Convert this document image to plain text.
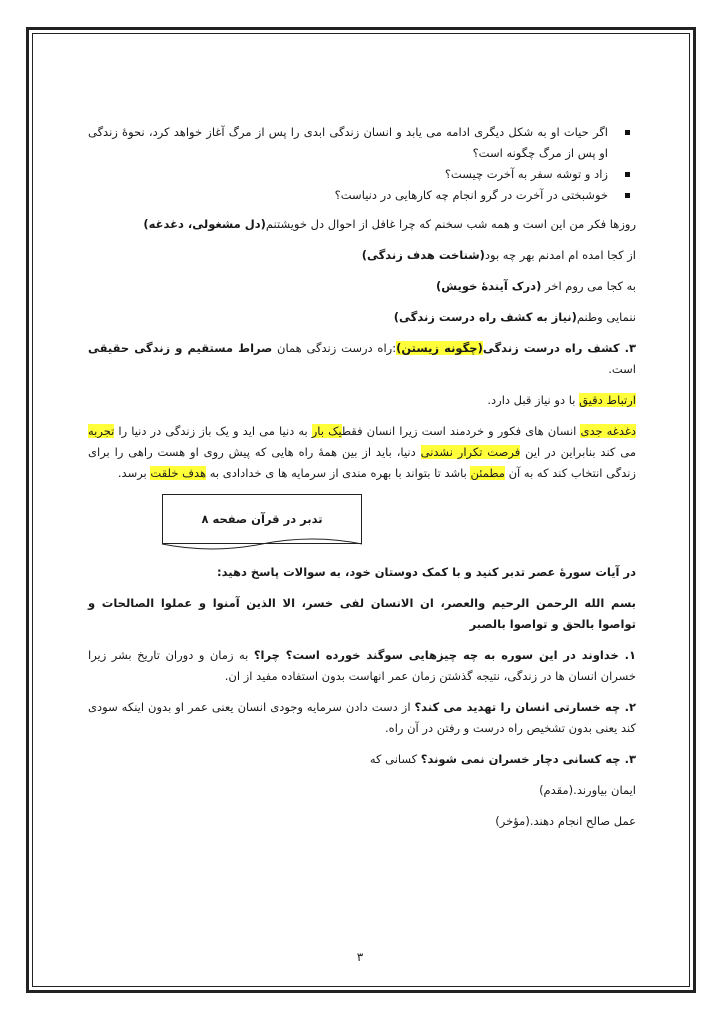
اگر حیات او به شکل دیگری ادامه می یابد و انسان زندگی ابدی را پس از مرگ آغاز خواهد کرد، نحوهٔ زندگی او پس از مرگ چگونه است؟
زاد و توشه سفر به آخرت چیست؟
خوشبختی در آخرت در گرو انجام چه کارهایی در دنیاست؟

روزها فکر من این است و همه شب سخنم که چرا غافل از احوال دل خویشتنم(دل مشغولی، دغدغه)

از کجا امده ام امدنم بهر چه بود(شناخت هدف زندگی)

به کجا می روم اخر (درک آیندهٔ خویش)

ننمایی وطنم(نیاز به کشف راه درست زندگی)

۳. کشف راه درست زندگی(چگونه زیستن):راه درست زندگی همان صراط مستقیم و زندگی حقیقی است.

ارتباط دقیق با دو نیاز قبل دارد.

دغدغه جدی انسان های فکور و خردمند است زیرا انسان فقطیک بار به دنیا می اید و یک باز زندگی در دنیا را تجربه می کند بنابراین در این فرصت تکرار نشدنی دنیا، باید از بین همهٔ راه هایی که پیش روی او هست راهی را برای زندگی انتخاب کند که به آن مطمئن باشد تا بتواند با بهره مندی از سرمایه ها ی خدادادی به هدف خلقت برسد.

تدبر در قرآن صفحه ۸

در آیات سورهٔ عصر تدبر کنید و با کمک دوستان خود، به سوالات پاسخ دهید:

بسم الله الرحمن الرحیم والعصر، ان الانسان لفی خسر، الا الذین آمنوا و عملوا الصالحات و تواصوا بالحق و تواصوا بالصبر

۱. خداوند در این سوره به چه چیزهایی سوگند خورده است؟ چرا؟ به زمان و دوران تاریخ بشر زیرا خسران انسان ها در زندگی، نتیجه گذشتن زمان عمر انهاست بدون استفاده مفید از ان.

۲. چه خسارتی انسان را تهدید می کند؟ از دست دادن سرمایه وجودی انسان یعنی عمر او بدون اینکه سودی کند یعنی بدون تشخیص راه درست و رفتن در آن راه.

۳. چه کسانی دچار خسران نمی شوند؟ کسانی که

ایمان بیاورند.(مقدم)

عمل صالح انجام دهند.(مؤخر)

۳
